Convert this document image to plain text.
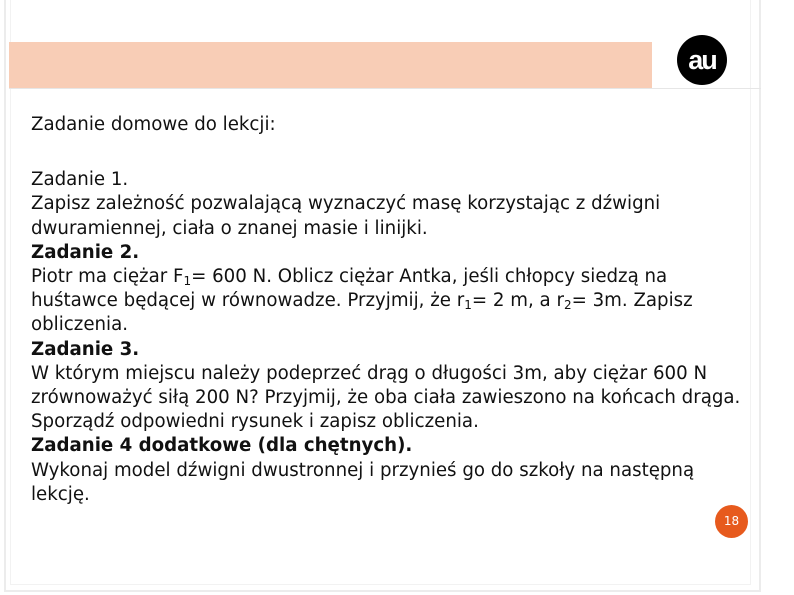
au

Zadanie domowe do lekcji:

Zadanie 1.

Zapisz zależność pozwalającą wyznaczyć masę korzystając z dźwigni dwuramiennej, ciała o znanej masie i linijki.

Zadanie 2.

Piotr ma ciężar $F_1= 600$ N. Oblicz ciężar Antka, jeśli chłopcy siedzą na huśtawce będącej w równowadze. Przyjmij, że $r_1= 2$ m, a $r_2= 3m$. Zapisz obliczenia.

Zadanie 3.

W którym miejscu należy podeprzeć drąg o długości 3m, aby ciężar 600 N zrównoważyć siłą 200 N? Przyjmij, że oba ciała zawieszono na końcach drąga. Sporządź odpowiedni rysunek i zapisz obliczenia.

Zadanie 4 dodatkowe (dla chętnych).

Wykonaj model dźwigni dwustronnej i przynieś go do szkoły na następną lekcję.

18
